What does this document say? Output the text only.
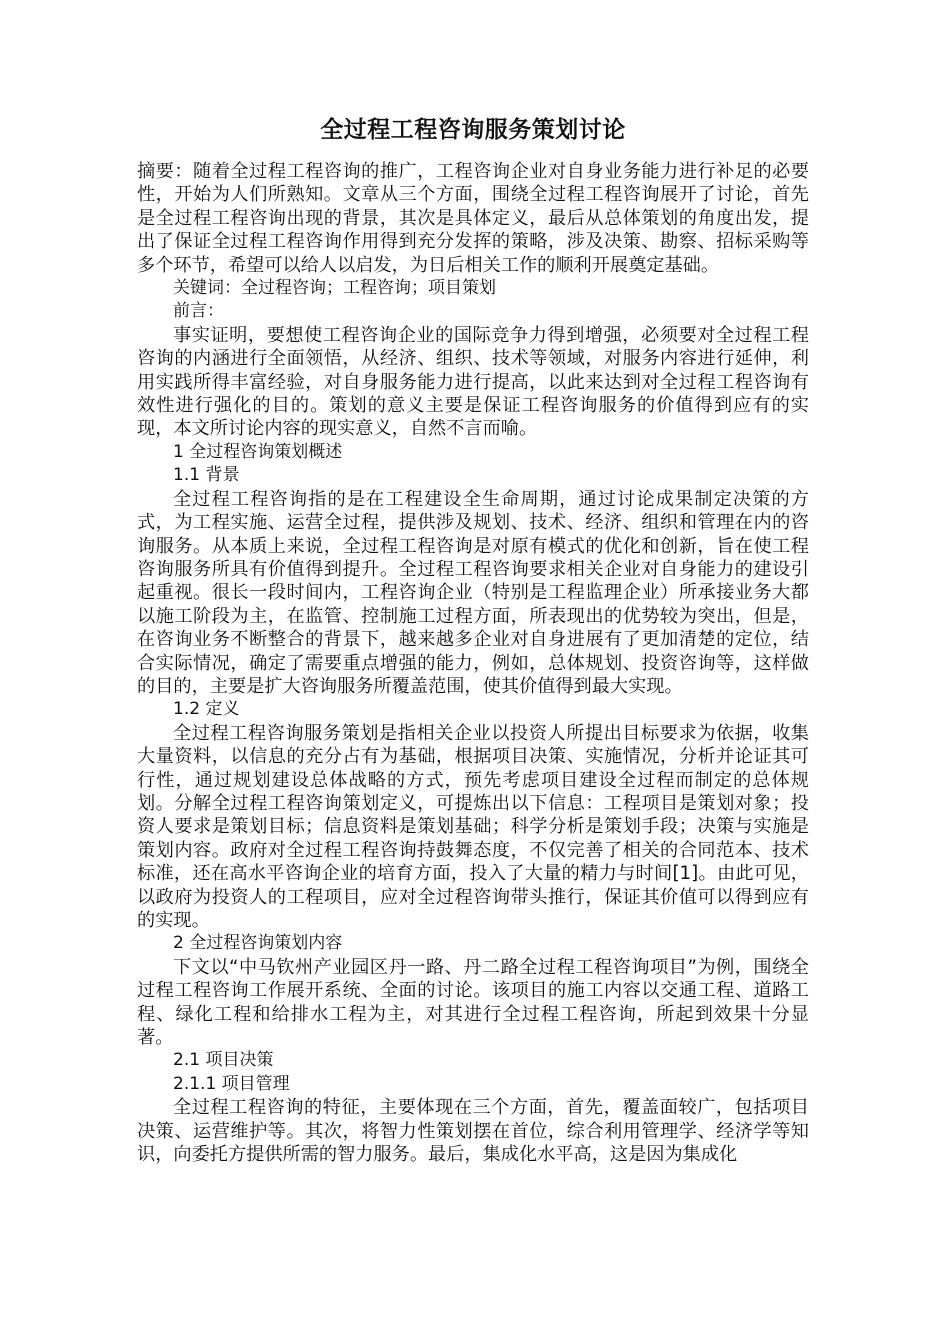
全过程工程咨询服务策划讨论

摘要：随着全过程工程咨询的推广，工程咨询企业对自身业务能力进行补足的必要性，开始为人们所熟知。文章从三个方面，围绕全过程工程咨询展开了讨论，首先是全过程工程咨询出现的背景，其次是具体定义，最后从总体策划的角度出发，提出了保证全过程工程咨询作用得到充分发挥的策略，涉及决策、勘察、招标采购等多个环节，希望可以给人以启发，为日后相关工作的顺利开展奠定基础。

关键词：全过程咨询；工程咨询；项目策划

前言：

事实证明，要想使工程咨询企业的国际竞争力得到增强，必须要对全过程工程咨询的内涵进行全面领悟，从经济、组织、技术等领域，对服务内容进行延伸，利用实践所得丰富经验，对自身服务能力进行提高，以此来达到对全过程工程咨询有效性进行强化的目的。策划的意义主要是保证工程咨询服务的价值得到应有的实现，本文所讨论内容的现实意义，自然不言而喻。

1 全过程咨询策划概述

1.1 背景

全过程工程咨询指的是在工程建设全生命周期，通过讨论成果制定决策的方式，为工程实施、运营全过程，提供涉及规划、技术、经济、组织和管理在内的咨询服务。从本质上来说，全过程工程咨询是对原有模式的优化和创新，旨在使工程咨询服务所具有价值得到提升。全过程工程咨询要求相关企业对自身能力的建设引起重视。很长一段时间内，工程咨询企业（特别是工程监理企业）所承接业务大都以施工阶段为主，在监管、控制施工过程方面，所表现出的优势较为突出，但是，在咨询业务不断整合的背景下，越来越多企业对自身进展有了更加清楚的定位，结合实际情况，确定了需要重点增强的能力，例如，总体规划、投资咨询等，这样做的目的，主要是扩大咨询服务所覆盖范围，使其价值得到最大实现。

1.2 定义

全过程工程咨询服务策划是指相关企业以投资人所提出目标要求为依据，收集大量资料，以信息的充分占有为基础，根据项目决策、实施情况，分析并论证其可行性，通过规划建设总体战略的方式，预先考虑项目建设全过程而制定的总体规划。分解全过程工程咨询策划定义，可提炼出以下信息：工程项目是策划对象；投资人要求是策划目标；信息资料是策划基础；科学分析是策划手段；决策与实施是策划内容。政府对全过程工程咨询持鼓舞态度，不仅完善了相关的合同范本、技术标准，还在高水平咨询企业的培育方面，投入了大量的精力与时间[1]。由此可见，以政府为投资人的工程项目，应对全过程咨询带头推行，保证其价值可以得到应有的实现。

2 全过程咨询策划内容

下文以“中马钦州产业园区丹一路、丹二路全过程工程咨询项目”为例，围绕全过程工程咨询工作展开系统、全面的讨论。该项目的施工内容以交通工程、道路工程、绿化工程和给排水工程为主，对其进行全过程工程咨询，所起到效果十分显著。

2.1 项目决策

2.1.1 项目管理

全过程工程咨询的特征，主要体现在三个方面，首先，覆盖面较广，包括项目决策、运营维护等。其次，将智力性策划摆在首位，综合利用管理学、经济学等知识，向委托方提供所需的智力服务。最后，集成化水平高，这是因为集成化
